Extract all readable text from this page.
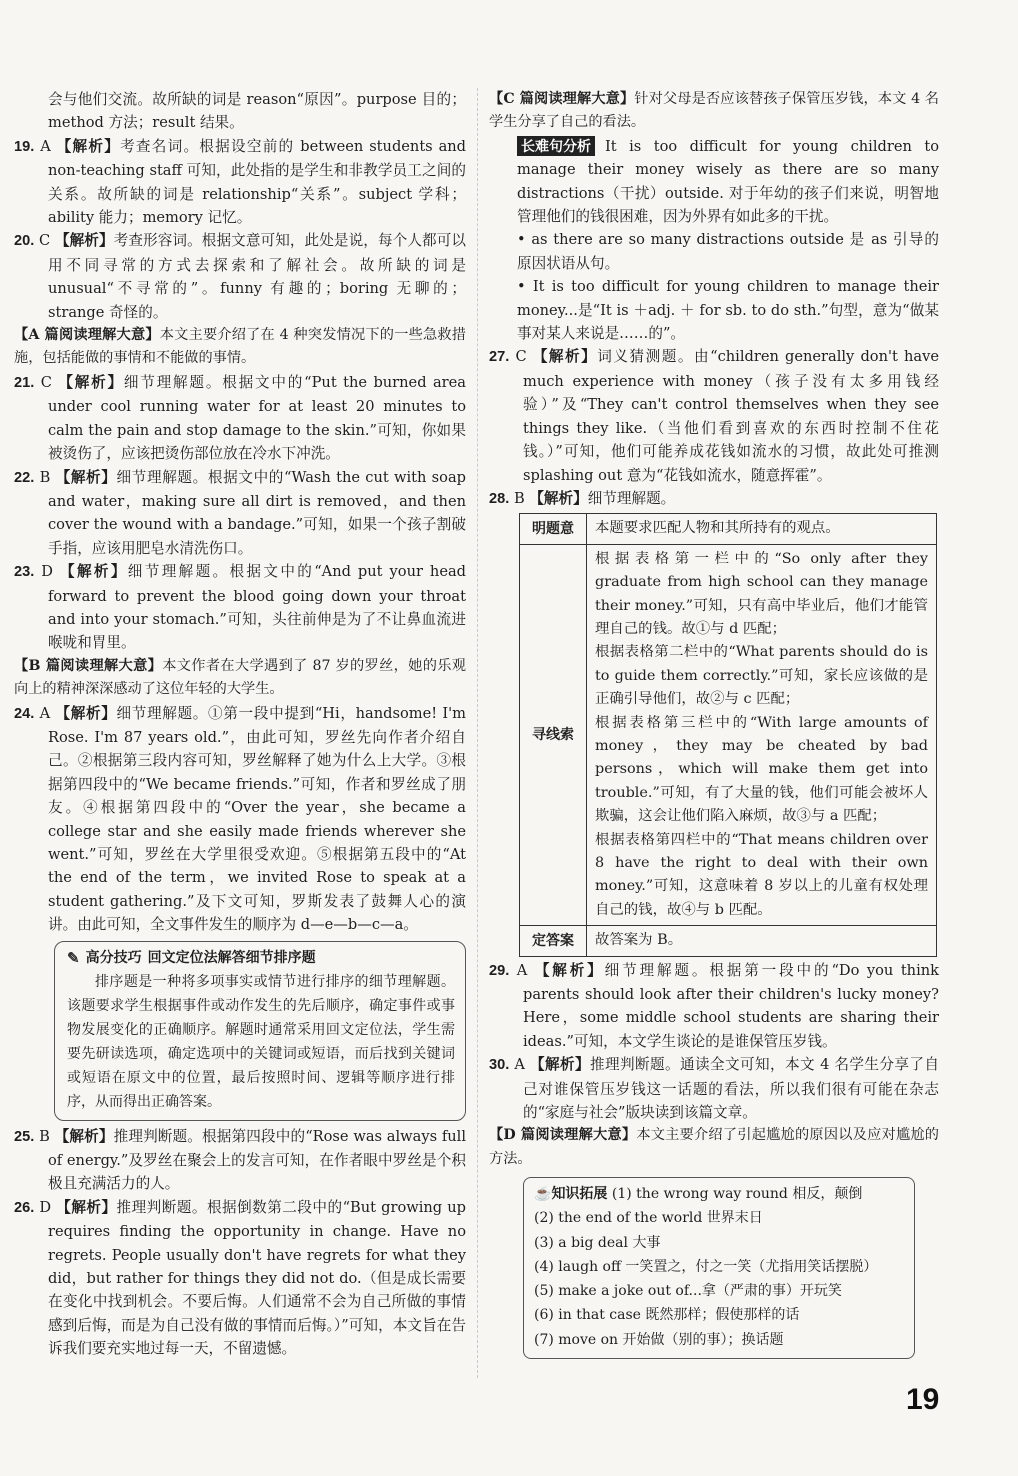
会与他们交流。故所缺的词是 reason“原因”。purpose 目的；method 方法；result 结果。

19. A 【解析】考查名词。根据设空前的 between students and non-teaching staff 可知，此处指的是学生和非教学员工之间的关系。故所缺的词是 relationship“关系”。subject 学科；ability 能力；memory 记忆。

20. C 【解析】考查形容词。根据文意可知，此处是说，每个人都可以用不同寻常的方式去探索和了解社会。故所缺的词是 unusual“不寻常的”。funny 有趣的；boring 无聊的；strange 奇怪的。

【A 篇阅读理解大意】本文主要介绍了在 4 种突发情况下的一些急救措施，包括能做的事情和不能做的事情。

21. C 【解析】细节理解题。根据文中的“Put the burned area under cool running water for at least 20 minutes to calm the pain and stop damage to the skin.”可知，你如果被烫伤了，应该把烫伤部位放在冷水下冲洗。

22. B 【解析】细节理解题。根据文中的“Wash the cut with soap and water，making sure all dirt is removed，and then cover the wound with a bandage.”可知，如果一个孩子割破手指，应该用肥皂水清洗伤口。

23. D 【解析】细节理解题。根据文中的“And put your head forward to prevent the blood going down your throat and into your stomach.”可知，头往前伸是为了不让鼻血流进喉咙和胃里。

【B 篇阅读理解大意】本文作者在大学遇到了 87 岁的罗丝，她的乐观向上的精神深深感动了这位年轻的大学生。

24. A 【解析】细节理解题。①第一段中提到“Hi，handsome! I'm Rose. I'm 87 years old.”，由此可知，罗丝先向作者介绍自己。②根据第三段内容可知，罗丝解释了她为什么上大学。③根据第四段中的“We became friends.”可知，作者和罗丝成了朋友。④根据第四段中的“Over the year，she became a college star and she easily made friends wherever she went.”可知，罗丝在大学里很受欢迎。⑤根据第五段中的“At the end of the term，we invited Rose to speak at a student gathering.”及下文可知，罗斯发表了鼓舞人心的演讲。由此可知，全文事件发生的顺序为 d—e—b—c—a。

✎ 高分技巧 回文定位法解答细节排序题

排序题是一种将多项事实或情节进行排序的细节理解题。该题要求学生根据事件或动作发生的先后顺序，确定事件或事物发展变化的正确顺序。解题时通常采用回文定位法，学生需要先研读选项，确定选项中的关键词或短语，而后找到关键词或短语在原文中的位置，最后按照时间、逻辑等顺序进行排序，从而得出正确答案。

25. B 【解析】推理判断题。根据第四段中的“Rose was always full of energy.”及罗丝在聚会上的发言可知，在作者眼中罗丝是个积极且充满活力的人。

26. D 【解析】推理判断题。根据倒数第二段中的“But growing up requires finding the opportunity in change. Have no regrets. People usually don't have regrets for what they did，but rather for things they did not do.（但是成长需要在变化中找到机会。不要后悔。人们通常不会为自己所做的事情感到后悔，而是为自己没有做的事情而后悔。）”可知，本文旨在告诉我们要充实地过每一天，不留遗憾。

【C 篇阅读理解大意】针对父母是否应该替孩子保管压岁钱，本文 4 名学生分享了自己的看法。

长难句分析 It is too difficult for young children to manage their money wisely as there are so many distractions（干扰）outside. 对于年幼的孩子们来说，明智地管理他们的钱很困难，因为外界有如此多的干扰。

• as there are so many distractions outside 是 as 引导的原因状语从句。

• It is too difficult for young children to manage their money...是“It is ＋adj. ＋ for sb. to do sth.”句型，意为“做某事对某人来说是……的”。

27. C 【解析】词义猜测题。由“children generally don't have much experience with money（孩子没有太多用钱经验）”及“They can't control themselves when they see things they like.（当他们看到喜欢的东西时控制不住花钱。）”可知，他们可能养成花钱如流水的习惯，故此处可推测 splashing out 意为“花钱如流水，随意挥霍”。

28. B 【解析】细节理解题。

明题意	本题要求匹配人物和其所持有的观点。
寻线索	根据表格第一栏中的“So only after they graduate from high school can they manage their money.”可知，只有高中毕业后，他们才能管理自己的钱。故①与 d 匹配；

根据表格第二栏中的“What parents should do is to guide them correctly.”可知，家长应该做的是正确引导他们，故②与 c 匹配；

根据表格第三栏中的“With large amounts of money，they may be cheated by bad persons，which will make them get into trouble.”可知，有了大量的钱，他们可能会被坏人欺骗，这会让他们陷入麻烦，故③与 a 匹配；

根据表格第四栏中的“That means children over 8 have the right to deal with their own money.”可知，这意味着 8 岁以上的儿童有权处理自己的钱，故④与 b 匹配。

定答案	故答案为 B。

29. A 【解析】细节理解题。根据第一段中的“Do you think parents should look after their children's lucky money? Here，some middle school students are sharing their ideas.”可知，本文学生谈论的是谁保管压岁钱。

30. A 【解析】推理判断题。通读全文可知，本文 4 名学生分享了自己对谁保管压岁钱这一话题的看法，所以我们很有可能在杂志的“家庭与社会”版块读到该篇文章。

【D 篇阅读理解大意】本文主要介绍了引起尴尬的原因以及应对尴尬的方法。

☕知识拓展 (1) the wrong way round 相反，颠倒

(2) the end of the world 世界末日

(3) a big deal 大事

(4) laugh off 一笑置之，付之一笑（尤指用笑话摆脱）

(5) make a joke out of...拿（严肃的事）开玩笑

(6) in that case 既然那样；假使那样的话

(7) move on 开始做（别的事）；换话题

19
